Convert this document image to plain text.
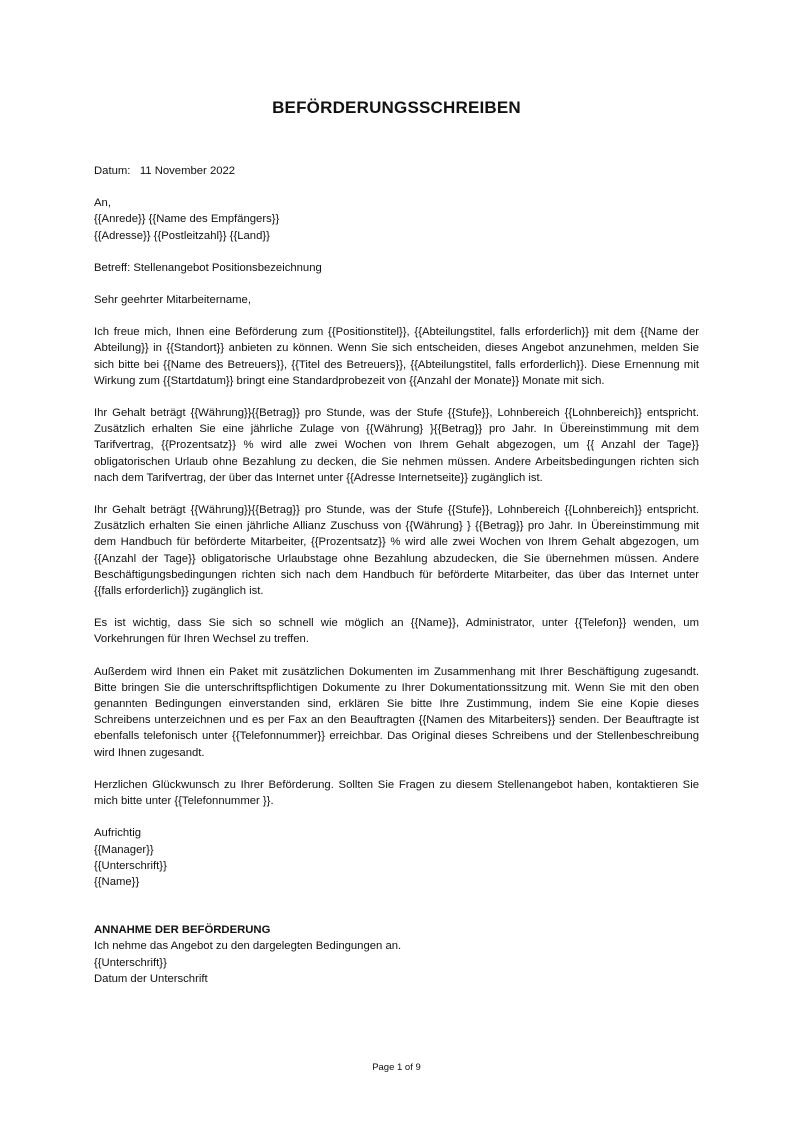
BEFÖRDERUNGSSCHREIBEN
Datum: 11 November 2022
An,
{{Anrede}} {{Name des Empfängers}}
{{Adresse}} {{Postleitzahl}} {{Land}}
Betreff: Stellenangebot Positionsbezeichnung
Sehr geehrter Mitarbeitername,

Ich freue mich, Ihnen eine Beförderung zum {{Positionstitel}}, {{Abteilungstitel, falls erforderlich}} mit dem {{Name der Abteilung}} in {{Standort}} anbieten zu können. Wenn Sie sich entscheiden, dieses Angebot anzunehmen, melden Sie sich bitte bei {{Name des Betreuers}}, {{Titel des Betreuers}}, {{Abteilungstitel, falls erforderlich}}. Diese Ernennung mit Wirkung zum {{Startdatum}} bringt eine Standardprobezeit von {{Anzahl der Monate}} Monate mit sich.

Ihr Gehalt beträgt {{Währung}}{{Betrag}} pro Stunde, was der Stufe {{Stufe}}, Lohnbereich {{Lohnbereich}} entspricht. Zusätzlich erhalten Sie eine jährliche Zulage von {{Währung} }{{Betrag}} pro Jahr. In Übereinstimmung mit dem Tarifvertrag, {{Prozentsatz}} % wird alle zwei Wochen von Ihrem Gehalt abgezogen, um {{ Anzahl der Tage}} obligatorischen Urlaub ohne Bezahlung zu decken, die Sie nehmen müssen. Andere Arbeitsbedingungen richten sich nach dem Tarifvertrag, der über das Internet unter {{Adresse Internetseite}} zugänglich ist.

Ihr Gehalt beträgt {{Währung}}{{Betrag}} pro Stunde, was der Stufe {{Stufe}}, Lohnbereich {{Lohnbereich}} entspricht. Zusätzlich erhalten Sie einen jährliche Allianz Zuschuss von {{Währung} } {{Betrag}} pro Jahr. In Übereinstimmung mit dem Handbuch für beförderte Mitarbeiter, {{Prozentsatz}} % wird alle zwei Wochen von Ihrem Gehalt abgezogen, um {{Anzahl der Tage}} obligatorische Urlaubstage ohne Bezahlung abzudecken, die Sie übernehmen müssen. Andere Beschäftigungsbedingungen richten sich nach dem Handbuch für beförderte Mitarbeiter, das über das Internet unter {{falls erforderlich}} zugänglich ist.

Es ist wichtig, dass Sie sich so schnell wie möglich an {{Name}}, Administrator, unter {{Telefon}} wenden, um Vorkehrungen für Ihren Wechsel zu treffen.

Außerdem wird Ihnen ein Paket mit zusätzlichen Dokumenten im Zusammenhang mit Ihrer Beschäftigung zugesandt. Bitte bringen Sie die unterschriftspflichtigen Dokumente zu Ihrer Dokumentationssitzung mit. Wenn Sie mit den oben genannten Bedingungen einverstanden sind, erklären Sie bitte Ihre Zustimmung, indem Sie eine Kopie dieses Schreibens unterzeichnen und es per Fax an den Beauftragten {{Namen des Mitarbeiters}} senden. Der Beauftragte ist ebenfalls telefonisch unter {{Telefonnummer}} erreichbar. Das Original dieses Schreibens und der Stellenbeschreibung wird Ihnen zugesandt.

Herzlichen Glückwunsch zu Ihrer Beförderung. Sollten Sie Fragen zu diesem Stellenangebot haben, kontaktieren Sie mich bitte unter {{Telefonnummer }}.

Aufrichtig
{{Manager}}
{{Unterschrift}}
{{Name}}
ANNAHME DER BEFÖRDERUNG
Ich nehme das Angebot zu den dargelegten Bedingungen an.
{{Unterschrift}}
Datum der Unterschrift
Page 1 of 9
